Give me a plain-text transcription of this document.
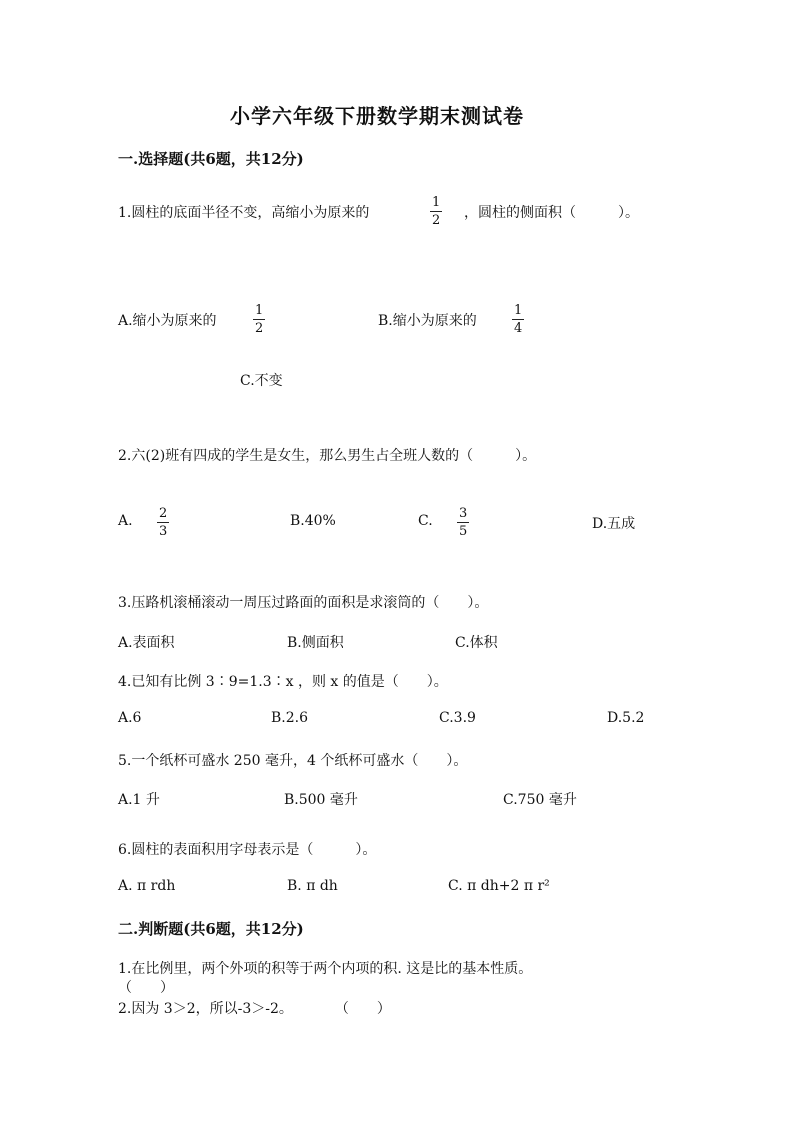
小学六年级下册数学期末测试卷
一.选择题(共6题，共12分)
1.圆柱的底面半径不变，高缩小为原来的
1
2 ，圆柱的侧面积（　　　）。
A.缩小为原来的
1
2	B.缩小为原来的
1
4
C.不变
2.六(2)班有四成的学生是女生，那么男生占全班人数的（　　　）。
A. 2
3
B.40%	C. 3
5	D.五成
3.压路机滚桶滚动一周压过路面的面积是求滚筒的（　　）。
A.表面积	B.侧面积	C.体积
4.已知有比例 3∶9=1.3∶x ，则 x 的值是（　　）。
A.6	B.2.6	C.3.9	D.5.2
5.一个纸杯可盛水 250 毫升，4 个纸杯可盛水（　　）。
A.1 升	B.500 毫升	C.750 毫升
6.圆柱的表面积用字母表示是（　　　）。
A. π rdh	B. π dh	C. π dh+2 π r²
二.判断题(共6题，共12分)
1.在比例里，两个外项的积等于两个内项的积. 这是比的基本性质。
（　　）
2.因为 3＞2，所以-3＞-2。　　　　（　　）
